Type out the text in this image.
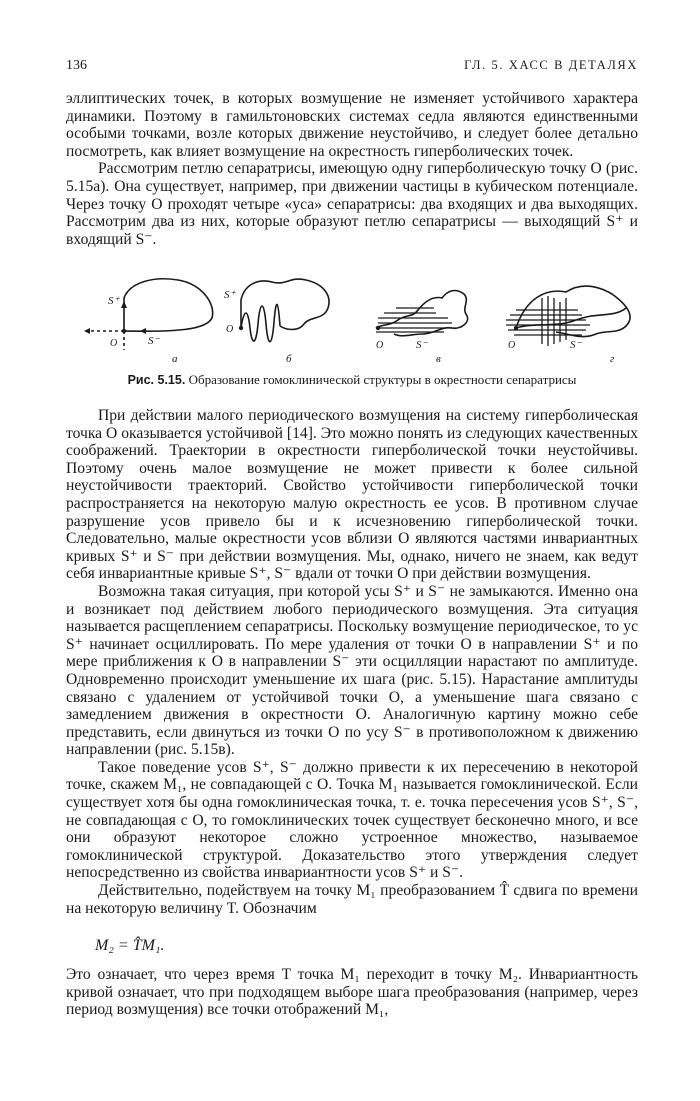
136	ГЛ. 5. ХАСС В ДЕТАЛЯХ

эллиптических точек, в которых возмущение не изменяет устойчивого характера динамики. Поэтому в гамильтоновских системах седла являются единственными особыми точками, возле которых движение неустойчиво, и следует более детально посмотреть, как влияет возмущение на окрестность гиперболических точек.

Рассмотрим петлю сепаратрисы, имеющую одну гиперболическую точку O (рис. 5.15а). Она существует, например, при движении частицы в кубическом потенциале. Через точку O проходят четыре «уса» сепаратрисы: два входящих и два выходящих. Рассмотрим два из них, которые образуют петлю сепаратрисы — выходящий S⁺ и входящий S⁻.

S⁺
S⁻
O
а
S⁺
O
б
O	S⁻
в
O	S⁻
г
Рис. 5.15. Образование гомоклинической структуры в окрестности сепаратрисы

При действии малого периодического возмущения на систему гиперболическая точка O оказывается устойчивой [14]. Это можно понять из следующих качественных соображений. Траектории в окрестности гиперболической точки неустойчивы. Поэтому очень малое возмущение не может привести к более сильной неустойчивости траекторий. Свойство устойчивости гиперболической точки распространяется на некоторую малую окрестность ее усов. В противном случае разрушение усов привело бы и к исчезновению гиперболической точки. Следовательно, малые окрестности усов вблизи O являются частями инвариантных кривых S⁺ и S⁻ при действии возмущения. Мы, однако, ничего не знаем, как ведут себя инвариантные кривые S⁺, S⁻ вдали от точки O при действии возмущения.

Возможна такая ситуация, при которой усы S⁺ и S⁻ не замыкаются. Именно она и возникает под действием любого периодического возмущения. Эта ситуация называется расщеплением сепаратрисы. Поскольку возмущение периодическое, то ус S⁺ начинает осциллировать. По мере удаления от точки O в направлении S⁺ и по мере приближения к O в направлении S⁻ эти осцилляции нарастают по амплитуде. Одновременно происходит уменьшение их шага (рис. 5.15). Нарастание амплитуды связано с удалением от устойчивой точки O, а уменьшение шага связано с замедлением движения в окрестности O. Аналогичную картину можно себе представить, если двинуться из точки O по усу S⁻ в противоположном к движению направлении (рис. 5.15в).

Такое поведение усов S⁺, S⁻ должно привести к их пересечению в некоторой точке, скажем M₁, не совпадающей с O. Точка M₁ называется гомоклинической. Если существует хотя бы одна гомоклиническая точка, т. е. точка пересечения усов S⁺, S⁻, не совпадающая с O, то гомоклинических точек существует бесконечно много, и все они образуют некоторое сложно устроенное множество, называемое гомоклинической структурой. Доказательство этого утверждения следует непосредственно из свойства инвариантности усов S⁺ и S⁻.

Действительно, подействуем на точку M₁ преобразованием T̂ сдвига по времени на некоторую величину T. Обозначим

M₂ = T̂M₁.

Это означает, что через время T точка M₁ переходит в точку M₂. Инвариантность кривой означает, что при подходящем выборе шага преобразования (например, через период возмущения) все точки отображений M₁,
